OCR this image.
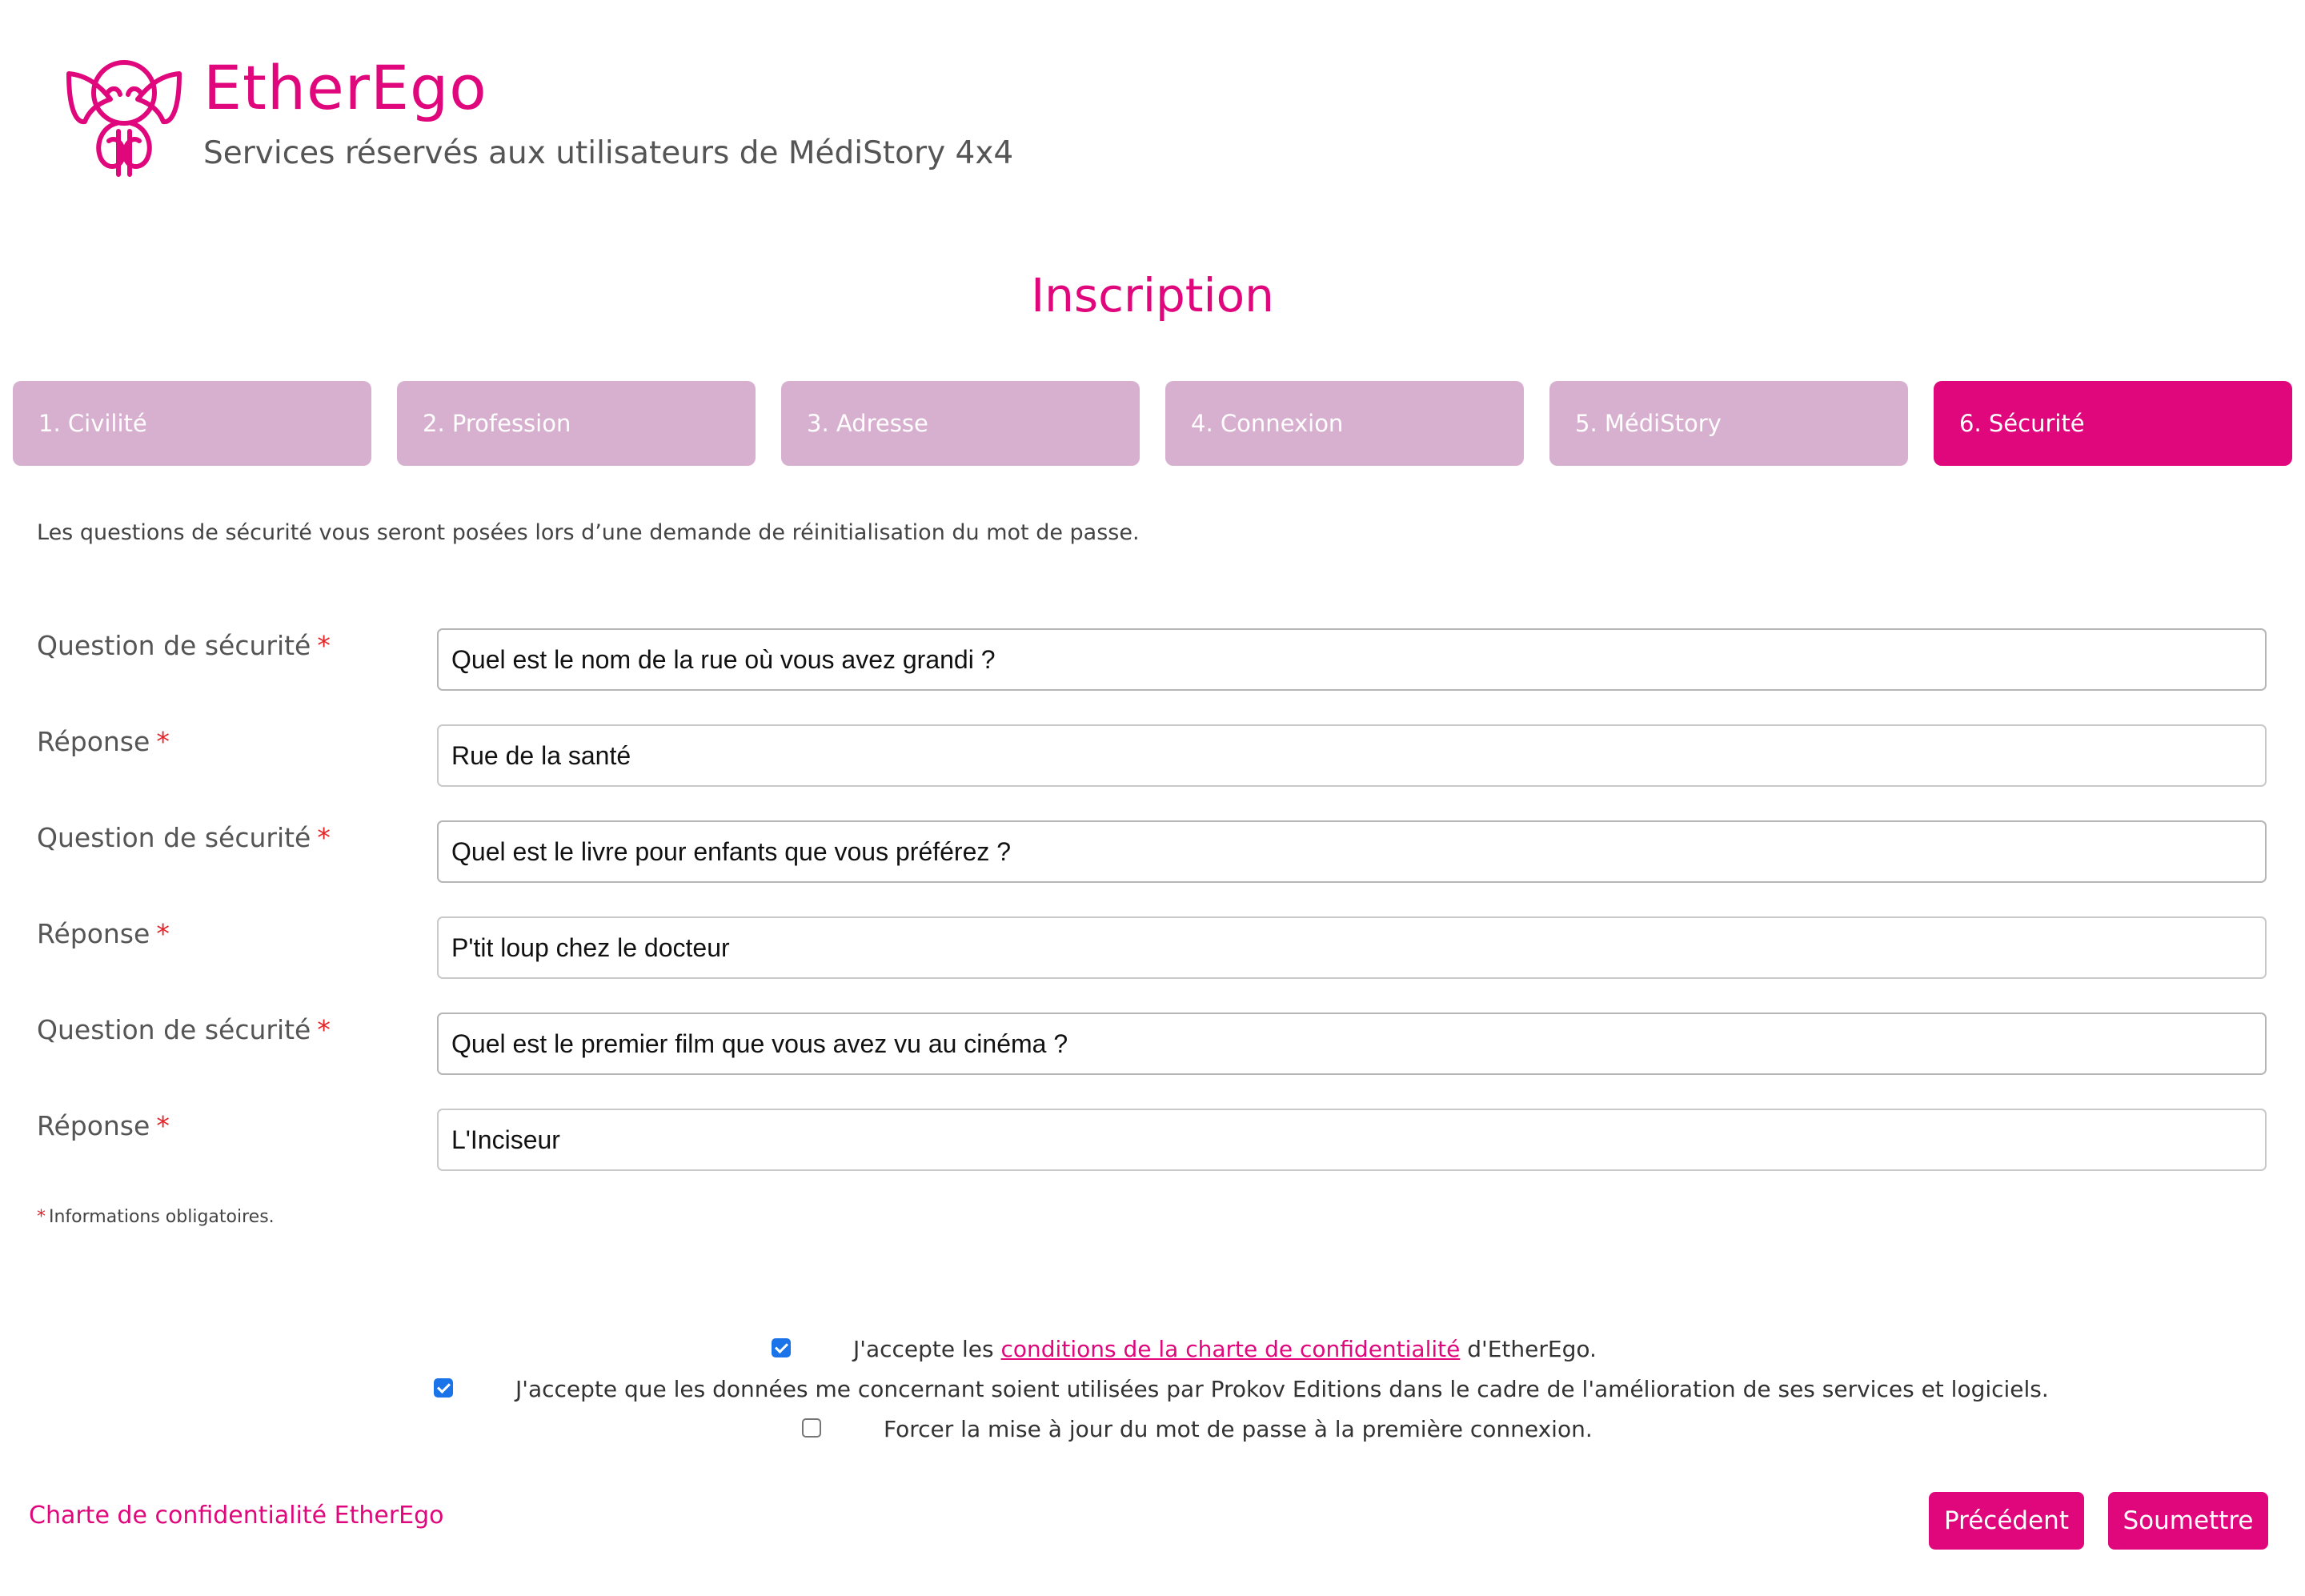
EtherEgo
Services réservés aux utilisateurs de MédiStory 4x4
Inscription
1. Civilité	2. Profession	3. Adresse	4. Connexion	5. MédiStory	6. Sécurité
Les questions de sécurité vous seront posées lors d’une demande de réinitialisation du mot de passe.
Question de sécurité *	Quel est le nom de la rue où vous avez grandi ?
Réponse *	Rue de la santé
Question de sécurité *	Quel est le livre pour enfants que vous préférez ?
Réponse *	P'tit loup chez le docteur
Question de sécurité *	Quel est le premier film que vous avez vu au cinéma ?
Réponse *	L'Inciseur
* Informations obligatoires.
J'accepte les conditions de la charte de confidentialité d'EtherEgo.
J'accepte que les données me concernant soient utilisées par Prokov Editions dans le cadre de l'amélioration de ses services et logiciels.
Forcer la mise à jour du mot de passe à la première connexion.
Charte de confidentialité EtherEgo	Précédent	Soumettre
